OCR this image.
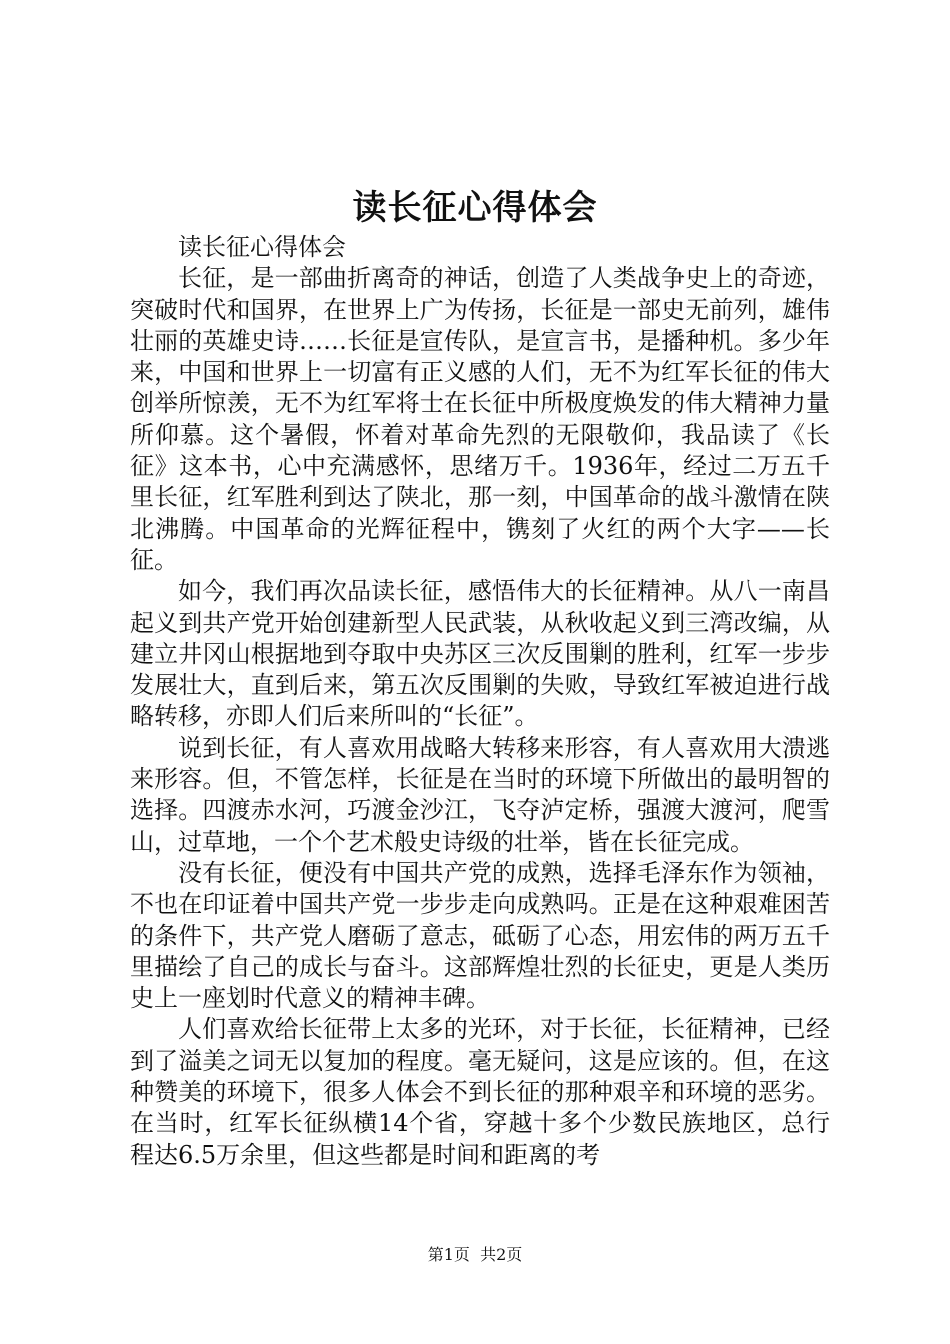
读长征心得体会

读长征心得体会

长征，是一部曲折离奇的神话，创造了人类战争史上的奇迹，突破时代和国界，在世界上广为传扬，长征是一部史无前列，雄伟壮丽的英雄史诗……长征是宣传队，是宣言书，是播种机。多少年来，中国和世界上一切富有正义感的人们，无不为红军长征的伟大创举所惊羡，无不为红军将士在长征中所极度焕发的伟大精神力量所仰慕。这个暑假，怀着对革命先烈的无限敬仰，我品读了《长征》这本书，心中充满感怀，思绪万千。1936年，经过二万五千里长征，红军胜利到达了陕北，那一刻，中国革命的战斗激情在陕北沸腾。中国革命的光辉征程中，镌刻了火红的两个大字——长征。

如今，我们再次品读长征，感悟伟大的长征精神。从八一南昌起义到共产党开始创建新型人民武装，从秋收起义到三湾改编，从建立井冈山根据地到夺取中央苏区三次反围剿的胜利，红军一步步发展壮大，直到后来，第五次反围剿的失败，导致红军被迫进行战略转移，亦即人们后来所叫的“长征”。

说到长征，有人喜欢用战略大转移来形容，有人喜欢用大溃逃来形容。但，不管怎样，长征是在当时的环境下所做出的最明智的选择。四渡赤水河，巧渡金沙江，飞夺泸定桥，强渡大渡河，爬雪山，过草地，一个个艺术般史诗级的壮举，皆在长征完成。

没有长征，便没有中国共产党的成熟，选择毛泽东作为领袖，不也在印证着中国共产党一步步走向成熟吗。正是在这种艰难困苦的条件下，共产党人磨砺了意志，砥砺了心态，用宏伟的两万五千里描绘了自己的成长与奋斗。这部辉煌壮烈的长征史，更是人类历史上一座划时代意义的精神丰碑。

人们喜欢给长征带上太多的光环，对于长征，长征精神，已经到了溢美之词无以复加的程度。毫无疑问，这是应该的。但，在这种赞美的环境下，很多人体会不到长征的那种艰辛和环境的恶劣。在当时，红军长征纵横14个省，穿越十多个少数民族地区，总行程达6.5万余里，但这些都是时间和距离的考

第1页  共2页
